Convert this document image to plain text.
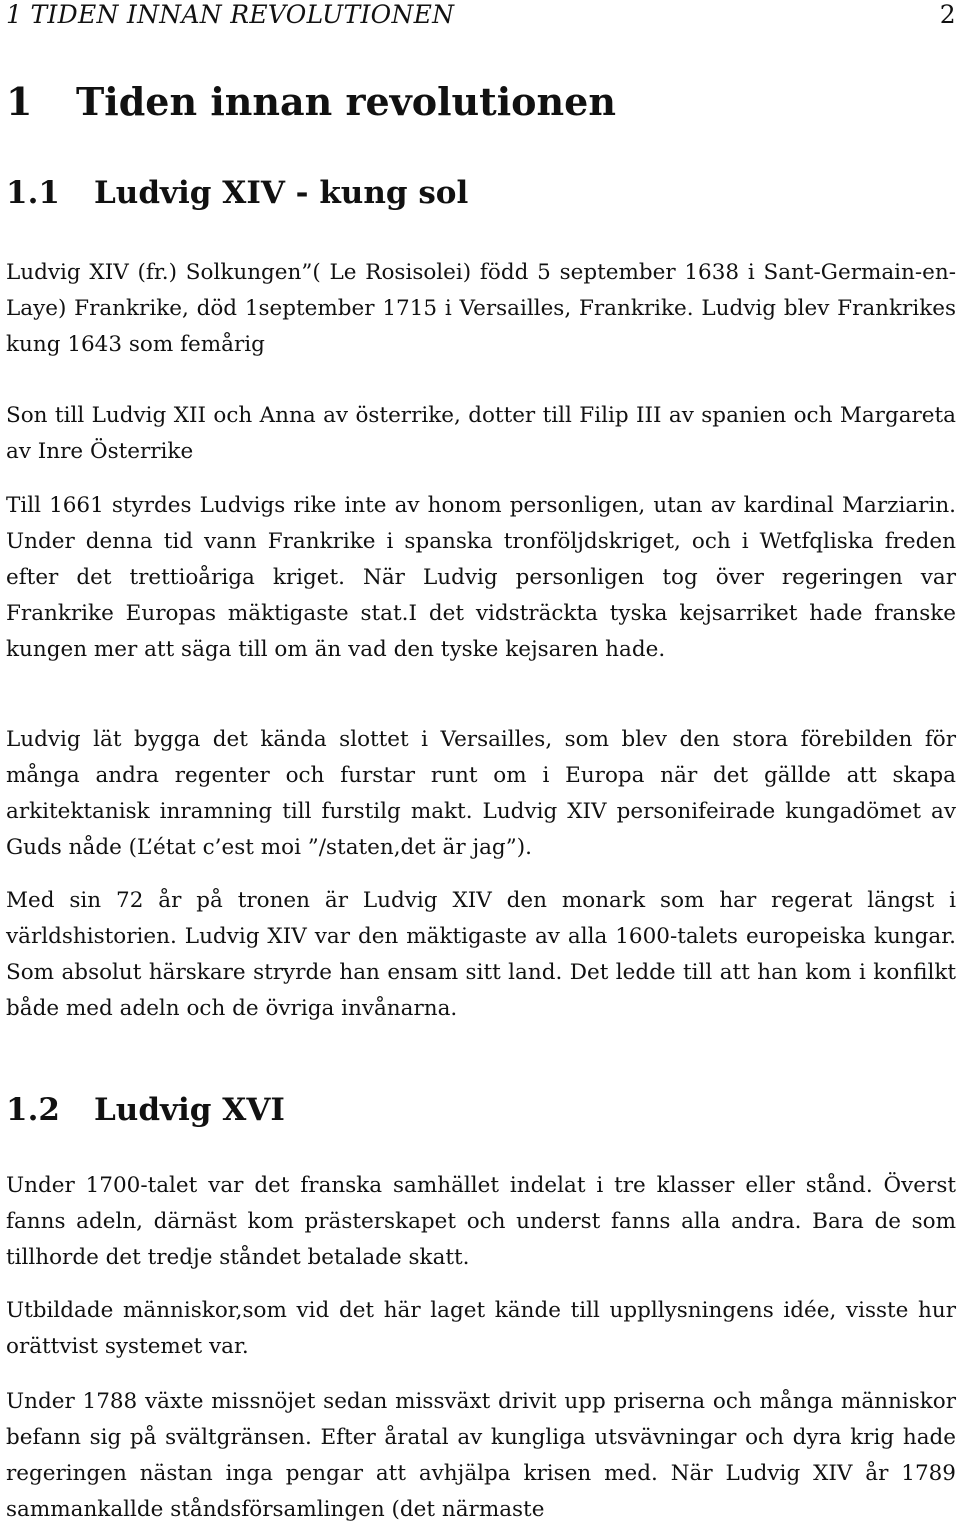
1 TIDEN INNAN REVOLUTIONEN	2
1 Tiden innan revolutionen
1.1 Ludvig XIV - kung sol

Ludvig XIV (fr.) Solkungen”( Le Rosisolei) född 5 september 1638 i Sant-Germain-en-Laye) Frankrike, död 1september 1715 i Versailles, Frankrike. Ludvig blev Frankrikes kung 1643 som femårig

Son till Ludvig XII och Anna av österrike, dotter till Filip III av spanien och Margareta av Inre Österrike

Till 1661 styrdes Ludvigs rike inte av honom personligen, utan av kardinal Marziarin. Under denna tid vann Frankrike i spanska tronföljdskriget, och i Wetfqliska freden efter det trettioåriga kriget. När Ludvig personligen tog över regeringen var Frankrike Europas mäktigaste stat.I det vidsträckta tyska kejsarriket hade franske kungen mer att säga till om än vad den tyske kejsaren hade.

Ludvig lät bygga det kända slottet i Versailles, som blev den stora förebilden för många andra regenter och furstar runt om i Europa när det gällde att skapa arkitektanisk inramning till furstilg makt. Ludvig XIV personifeirade kungadömet av Guds nåde (L’état c’est moi ”/staten,det är jag”).

Med sin 72 år på tronen är Ludvig XIV den monark som har regerat längst i världshistorien. Ludvig XIV var den mäktigaste av alla 1600-talets europeiska kungar. Som absolut härskare stryrde han ensam sitt land. Det ledde till att han kom i konfilkt både med adeln och de övriga invånarna.

1.2 Ludvig XVI

Under 1700-talet var det franska samhället indelat i tre klasser eller stånd. Överst fanns adeln, därnäst kom prästerskapet och underst fanns alla andra. Bara de som tillhorde det tredje ståndet betalade skatt.

Utbildade människor,som vid det här laget kände till uppllysningens idée, visste hur orättvist systemet var.

Under 1788 växte missnöjet sedan missväxt drivit upp priserna och många människor befann sig på svältgränsen. Efter åratal av kungliga utsvävningar och dyra krig hade regeringen nästan inga pengar att avhjälpa krisen med. När Ludvig XIV år 1789 sammankallde ståndsförsamlingen (det närmaste
